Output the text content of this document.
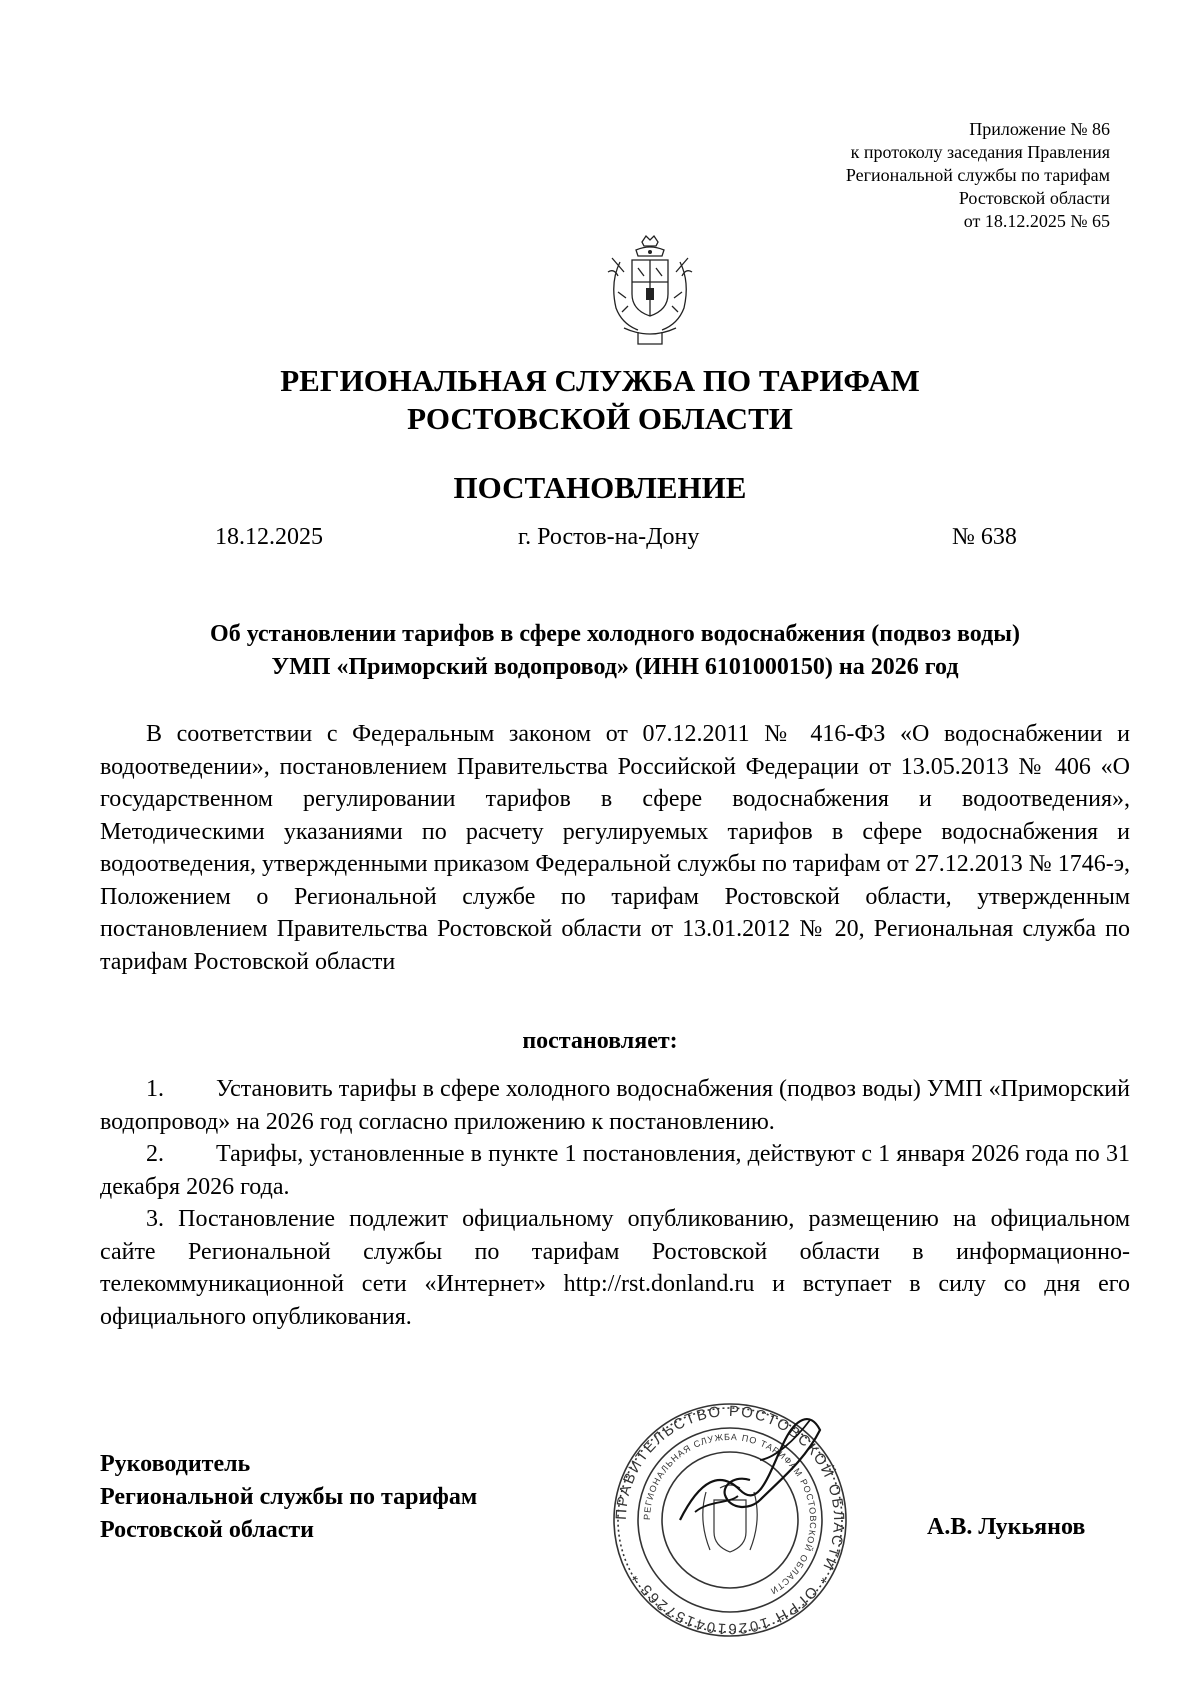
Приложение № 86
к протоколу заседания Правления
Региональной службы по тарифам
Ростовской области
от 18.12.2025 № 65
РЕГИОНАЛЬНАЯ СЛУЖБА ПО ТАРИФАМ
РОСТОВСКОЙ ОБЛАСТИ
ПОСТАНОВЛЕНИЕ
18.12.2025	г. Ростов-на-Дону	№ 638
Об установлении тарифов в сфере холодного водоснабжения (подвоз воды)
УМП «Приморский водопровод» (ИНН 6101000150) на 2026 год

В соответствии с Федеральным законом от 07.12.2011 № 416-ФЗ «О водоснабжении и водоотведении», постановлением Правительства Российской Федерации от 13.05.2013 № 406 «О государственном регулировании тарифов в сфере водоснабжения и водоотведения», Методическими указаниями по расчету регулируемых тарифов в сфере водоснабжения и водоотведения, утвержденными приказом Федеральной службы по тарифам от 27.12.2013 № 1746-э, Положением о Региональной службе по тарифам Ростовской области, утвержденным постановлением Правительства Ростовской области от 13.01.2012 № 20, Региональная служба по тарифам Ростовской области

постановляет:

1. Установить тарифы в сфере холодного водоснабжения (подвоз воды) УМП «Приморский водопровод» на 2026 год согласно приложению к постановлению.

2. Тарифы, установленные в пункте 1 постановления, действуют с 1 января 2026 года по 31 декабря 2026 года.

3. Постановление подлежит официальному опубликованию, размещению на официальном сайте Региональной службы по тарифам Ростовской области в информационно-телекоммуникационной сети «Интернет» http://rst.donland.ru и вступает в силу со дня его официального опубликования.

Руководитель
Региональной службы по тарифам
Ростовской области
ПРАВИТЕЛЬСТВО РОСТОВСКОЙ ОБЛАСТИ * ОГРН 1026104157265 *
РЕГИОНАЛЬНАЯ СЛУЖБА ПО ТАРИФАМ РОСТОВСКОЙ ОБЛАСТИ
А.В. Лукьянов
